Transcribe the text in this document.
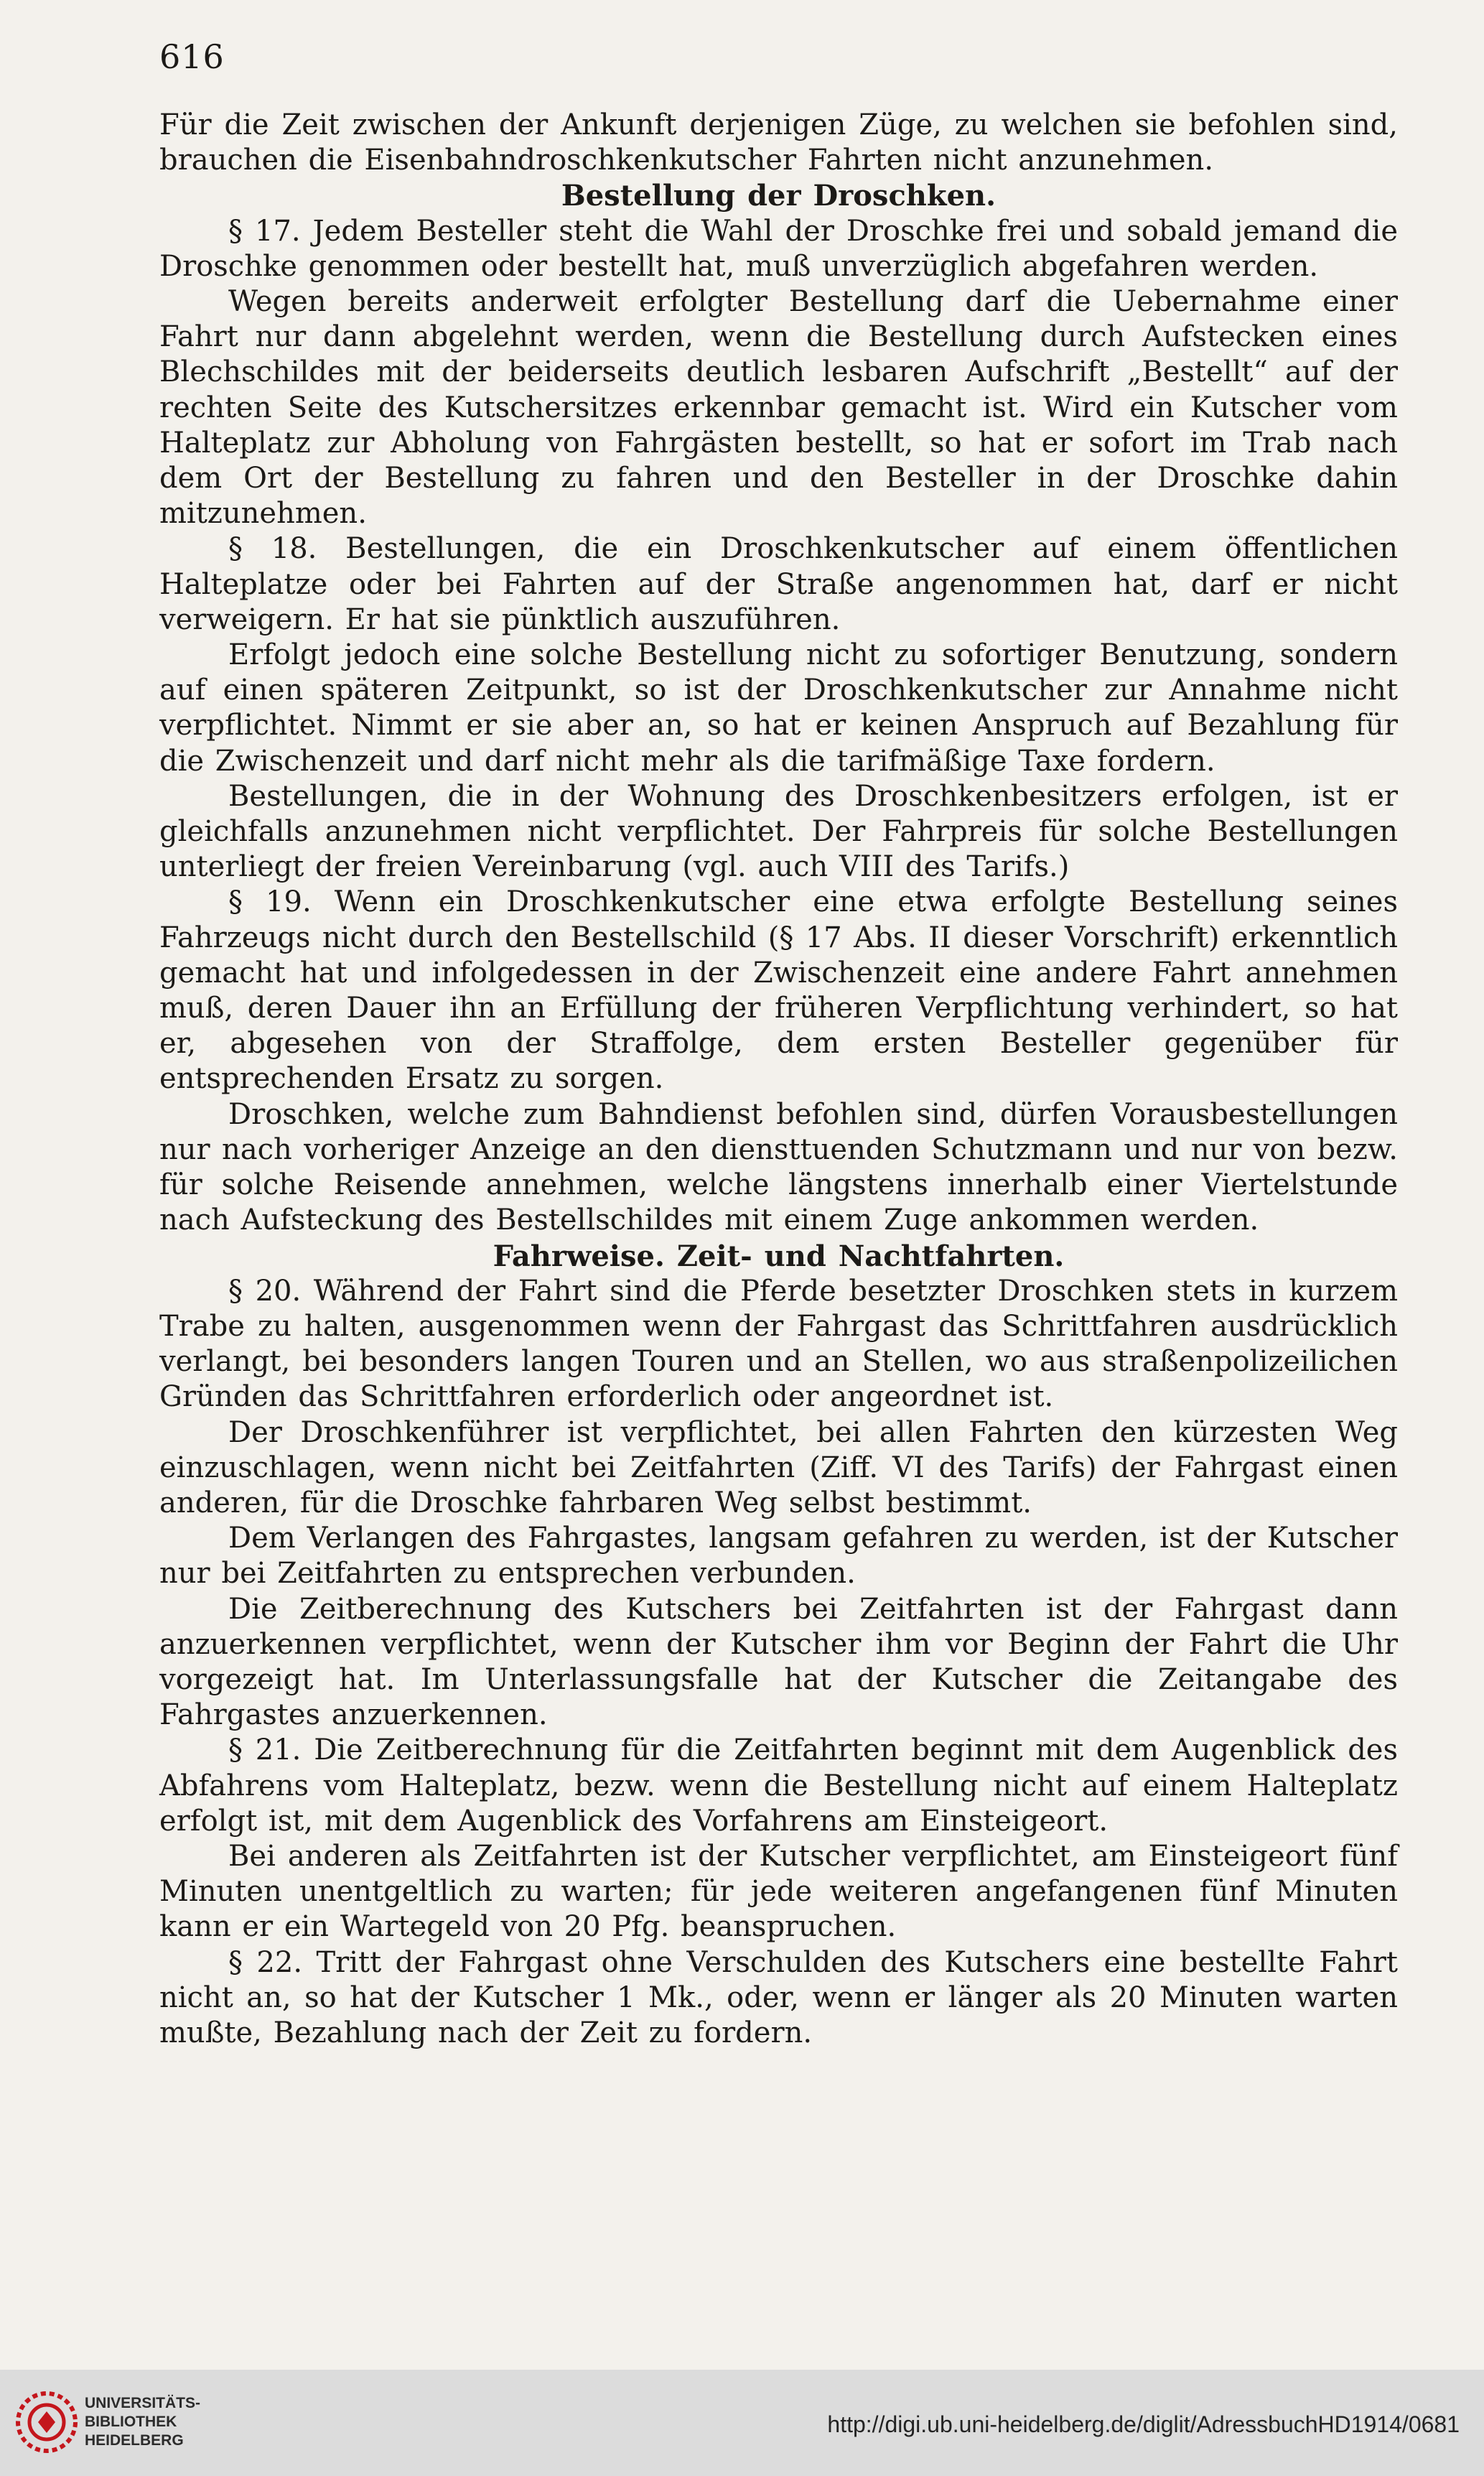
616

Für die Zeit zwischen der Ankunft derjenigen Züge, zu welchen sie befohlen sind, brauchen die Eisenbahndroschkenkutscher Fahrten nicht anzunehmen.

Bestellung der Droschken.

§ 17. Jedem Besteller steht die Wahl der Droschke frei und sobald jemand die Droschke genommen oder bestellt hat, muß unverzüglich abgefahren werden.

Wegen bereits anderweit erfolgter Bestellung darf die Uebernahme einer Fahrt nur dann abgelehnt werden, wenn die Bestellung durch Aufstecken eines Blechschildes mit der beiderseits deutlich lesbaren Aufschrift „Bestellt“ auf der rechten Seite des Kutschersitzes erkennbar gemacht ist. Wird ein Kutscher vom Halteplatz zur Abholung von Fahrgästen bestellt, so hat er sofort im Trab nach dem Ort der Bestellung zu fahren und den Besteller in der Droschke dahin mitzunehmen.

§ 18. Bestellungen, die ein Droschkenkutscher auf einem öffentlichen Halteplatze oder bei Fahrten auf der Straße angenommen hat, darf er nicht verweigern. Er hat sie pünktlich auszuführen.

Erfolgt jedoch eine solche Bestellung nicht zu sofortiger Benutzung, sondern auf einen späteren Zeitpunkt, so ist der Droschkenkutscher zur Annahme nicht verpflichtet. Nimmt er sie aber an, so hat er keinen Anspruch auf Bezahlung für die Zwischenzeit und darf nicht mehr als die tarifmäßige Taxe fordern.

Bestellungen, die in der Wohnung des Droschkenbesitzers erfolgen, ist er gleichfalls anzunehmen nicht verpflichtet. Der Fahrpreis für solche Bestellungen unterliegt der freien Vereinbarung (vgl. auch VIII des Tarifs.)

§ 19. Wenn ein Droschkenkutscher eine etwa erfolgte Bestellung seines Fahrzeugs nicht durch den Bestellschild (§ 17 Abs. II dieser Vorschrift) erkenntlich gemacht hat und infolgedessen in der Zwischenzeit eine andere Fahrt annehmen muß, deren Dauer ihn an Erfüllung der früheren Verpflichtung verhindert, so hat er, abgesehen von der Straffolge, dem ersten Besteller gegenüber für entsprechenden Ersatz zu sorgen.

Droschken, welche zum Bahndienst befohlen sind, dürfen Vorausbestellungen nur nach vorheriger Anzeige an den diensttuenden Schutzmann und nur von bezw. für solche Reisende annehmen, welche längstens innerhalb einer Viertelstunde nach Aufsteckung des Bestellschildes mit einem Zuge ankommen werden.

Fahrweise. Zeit- und Nachtfahrten.

§ 20. Während der Fahrt sind die Pferde besetzter Droschken stets in kurzem Trabe zu halten, ausgenommen wenn der Fahrgast das Schrittfahren ausdrücklich verlangt, bei besonders langen Touren und an Stellen, wo aus straßenpolizeilichen Gründen das Schrittfahren erforderlich oder angeordnet ist.

Der Droschkenführer ist verpflichtet, bei allen Fahrten den kürzesten Weg einzuschlagen, wenn nicht bei Zeitfahrten (Ziff. VI des Tarifs) der Fahrgast einen anderen, für die Droschke fahrbaren Weg selbst bestimmt.

Dem Verlangen des Fahrgastes, langsam gefahren zu werden, ist der Kutscher nur bei Zeitfahrten zu entsprechen verbunden.

Die Zeitberechnung des Kutschers bei Zeitfahrten ist der Fahrgast dann anzuerkennen verpflichtet, wenn der Kutscher ihm vor Beginn der Fahrt die Uhr vorgezeigt hat. Im Unterlassungsfalle hat der Kutscher die Zeitangabe des Fahrgastes anzuerkennen.

§ 21. Die Zeitberechnung für die Zeitfahrten beginnt mit dem Augenblick des Abfahrens vom Halteplatz, bezw. wenn die Bestellung nicht auf einem Halteplatz erfolgt ist, mit dem Augenblick des Vorfahrens am Einsteigeort.

Bei anderen als Zeitfahrten ist der Kutscher verpflichtet, am Einsteigeort fünf Minuten unentgeltlich zu warten; für jede weiteren angefangenen fünf Minuten kann er ein Wartegeld von 20 Pfg. beanspruchen.

§ 22. Tritt der Fahrgast ohne Verschulden des Kutschers eine bestellte Fahrt nicht an, so hat der Kutscher 1 Mk., oder, wenn er länger als 20 Minuten warten mußte, Bezahlung nach der Zeit zu fordern.

UNIVERSITÄTS-
BIBLIOTHEK
HEIDELBERG
http://digi.ub.uni-heidelberg.de/diglit/AdressbuchHD1914/0681
